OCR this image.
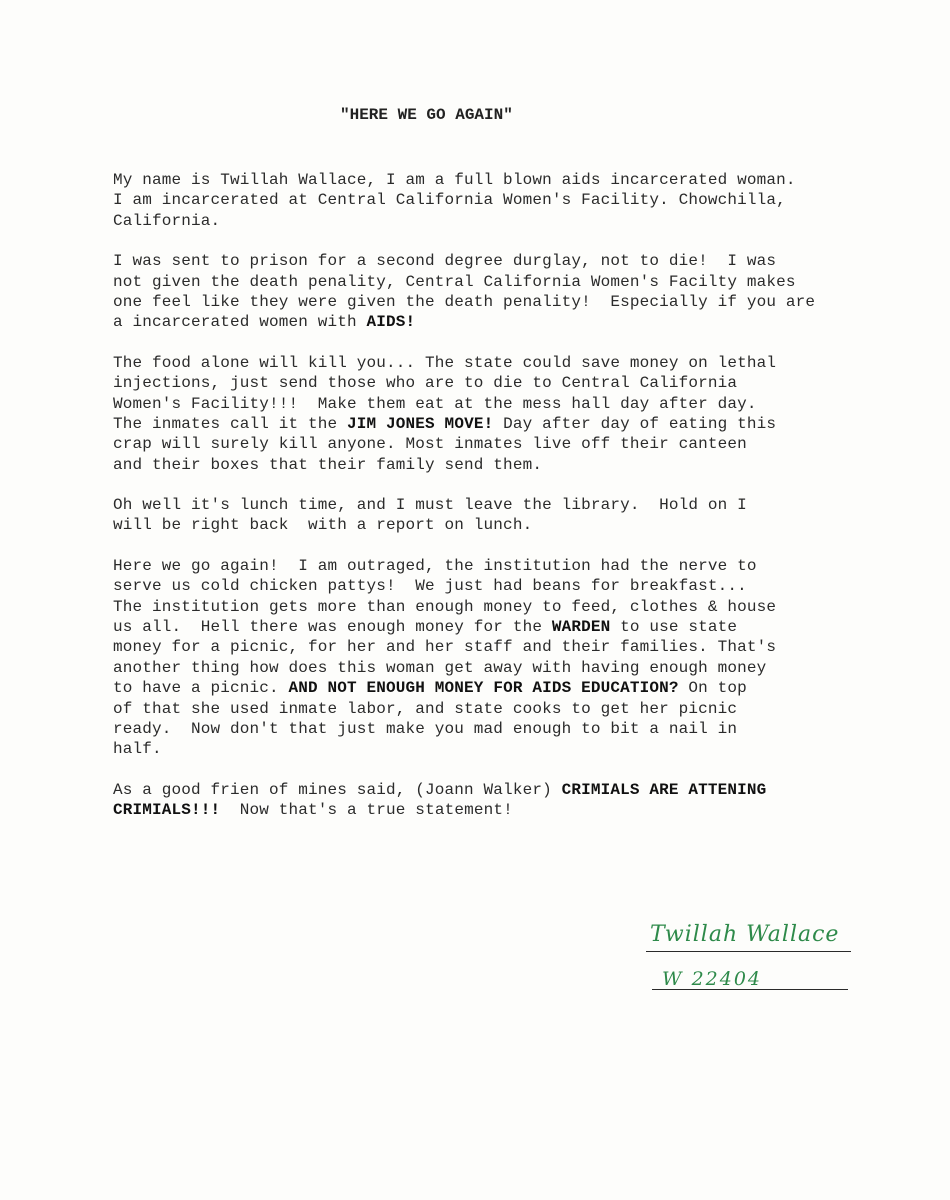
"HERE WE GO AGAIN"
My name is Twillah Wallace, I am a full blown aids incarcerated woman.
I am incarcerated at Central California Women's Facility. Chowchilla,
California.
I was sent to prison for a second degree durglay, not to die!  I was
not given the death penality, Central California Women's Facilty makes
one feel like they were given the death penality!  Especially if you are
a incarcerated women with AIDS!
The food alone will kill you... The state could save money on lethal
injections, just send those who are to die to Central California
Women's Facility!!!  Make them eat at the mess hall day after day.
The inmates call it the JIM JONES MOVE! Day after day of eating this
crap will surely kill anyone. Most inmates live off their canteen
and their boxes that their family send them.
Oh well it's lunch time, and I must leave the library.  Hold on I
will be right back  with a report on lunch.
Here we go again!  I am outraged, the institution had the nerve to
serve us cold chicken pattys!  We just had beans for breakfast...
The institution gets more than enough money to feed, clothes & house
us all.  Hell there was enough money for the WARDEN to use state
money for a picnic, for her and her staff and their families. That's
another thing how does this woman get away with having enough money
to have a picnic. AND NOT ENOUGH MONEY FOR AIDS EDUCATION? On top
of that she used inmate labor, and state cooks to get her picnic
ready.  Now don't that just make you mad enough to bit a nail in
half.
As a good frien of mines said, (Joann Walker) CRIMIALS ARE ATTENING
CRIMIALS!!!  Now that's a true statement!
Twillah Wallace
W 22404
